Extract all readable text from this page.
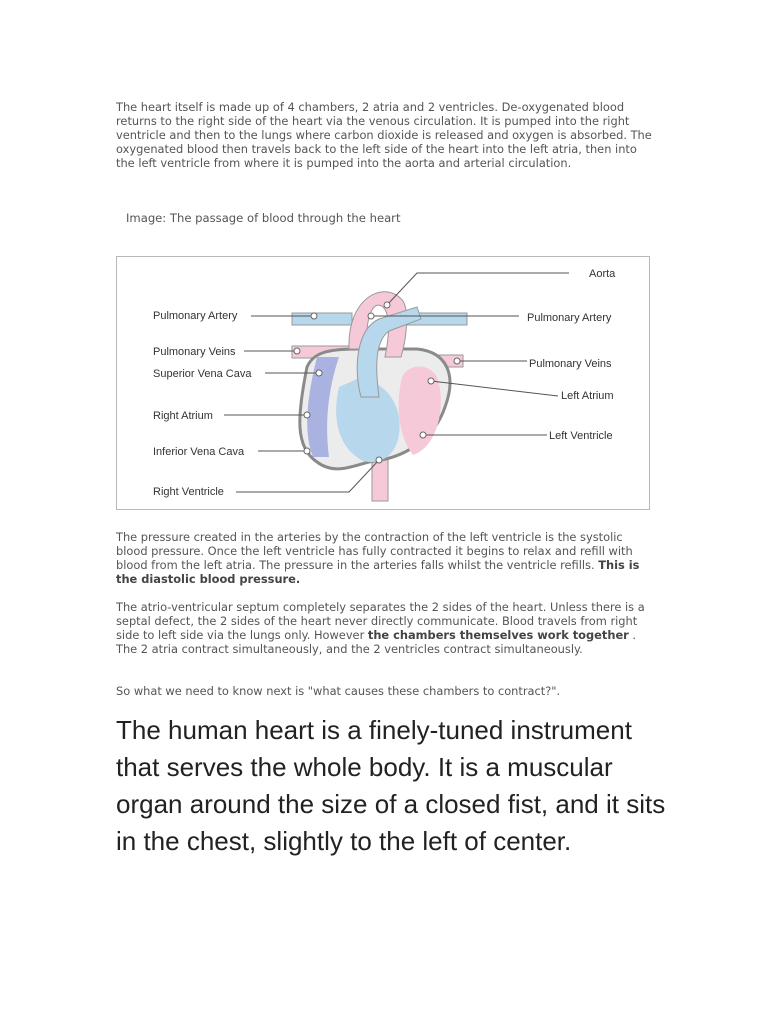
The heart itself is made up of 4 chambers, 2 atria and 2 ventricles. De-oxygenated blood returns to the right side of the heart via the venous circulation. It is pumped into the right ventricle and then to the lungs where carbon dioxide is released and oxygen is absorbed. The oxygenated blood then travels back to the left side of the heart into the left atria, then into the left ventricle from where it is pumped into the aorta and arterial circulation.

Image: The passage of blood through the heart

Aorta
Pulmonary Artery
Pulmonary Veins
Superior Vena Cava
Right Atrium
Inferior Vena Cava
Right Ventricle
Pulmonary Artery
Pulmonary Veins
Left Atrium
Left Ventricle

The pressure created in the arteries by the contraction of the left ventricle is the systolic blood pressure. Once the left ventricle has fully contracted it begins to relax and refill with blood from the left atria. The pressure in the arteries falls whilst the ventricle refills. This is the diastolic blood pressure.

The atrio-ventricular septum completely separates the 2 sides of the heart. Unless there is a septal defect, the 2 sides of the heart never directly communicate. Blood travels from right side to left side via the lungs only. However the chambers themselves work together . The 2 atria contract simultaneously, and the 2 ventricles contract simultaneously.

So what we need to know next is "what causes these chambers to contract?".

The human heart is a finely-tuned instrument that serves the whole body. It is a muscular organ around the size of a closed fist, and it sits in the chest, slightly to the left of center.
